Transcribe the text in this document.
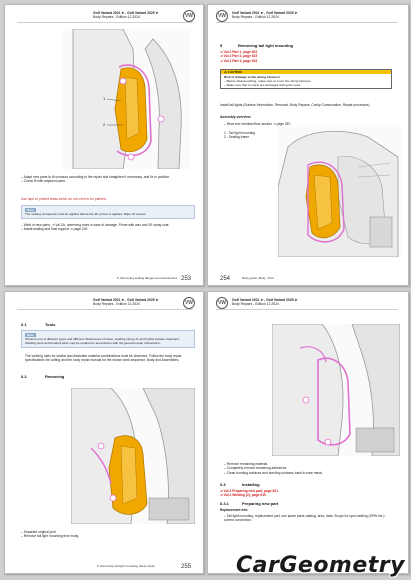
Golf Variant 2021 ➤ , Golf Variant 2025 ➤
Body Repairs - Edition 12.2024	VW
1
2
– Adapt new parts to fit contours according to the repair and straighten if necessary, and fix in position.
– Check fit with adjacent parts.
Use tape to protect areas which do not need to be painted.
Note
The sealing compound must be applied before the 2K primer is applied. Wipe off excess.
– Weld in new parts, ⇒ Vol.2A, observing rules in case of damage. Prime with wax and 2K spray coat.
– Install sealing and final support ⇒ page 242.
5. Removing sealing flanges and accessories 253
VW	Golf Variant 2021 ➤ , Golf Variant 2025 ➤
Body Repairs - Edition 12.2024
5	Removing tail light mounting
⇒ Vol.2 Part 1, page 601
⇒ Vol.2 Part 2, page 615
⇒ Vol.2 Part 3, page 624
⚠ CAUTION
Risk of damage to the wiring harness!
– Before disassembling, make sure to cover the wiring harness.
– Make sure that no parts are damaged during the work.
Install tail lights (Surface Information, Removal, Body Repairs, Cavity Conservation, Repair procedure).
Assembly overview
– Rear end member/floor section ⇒ page 357.
1 - Tail light mounting
2 - Sealing frame
254	Body guide, Body - Part
Golf Variant 2021 ➤ , Golf Variant 2025 ➤
Body Repairs - Edition 12.2024	VW
6.1	Tools
Note
Observe use of different types and different thicknesses of sheet, welding using UV and hybrid surface treatment. Welding work and bonded parts may be repaired in accordance with the general repair instructions.
The welding rules for similar and dissimilar material combinations must be observed. Follow the body repair specifications for cutting and the body repair manual for the shown work sequence, Body and Assemblies.
6.2	Removing
– Separate original joint.
– Remove tail light mounting from body.
6. Removing tail light mounting (body work)	255
VW	Golf Variant 2021 ➤ , Golf Variant 2025 ➤
Body Repairs - Edition 12.2024
– Remove remaining material.
– Completely remove remaining adhesives.
– Clean bonding surfaces and bonding surfaces back to bare metal.
6.3	Installing
⇒ Vol.2 Preparing new part, page 601
⇒ Vol.2 Welding (2), page 615
6.3.1	Preparing new part
Replacement info
– Tail light mounting, replacement part, see spare parts catalog, area, data. Scope for spot welding (SPW etc.) correct connection.
CarGeometry
